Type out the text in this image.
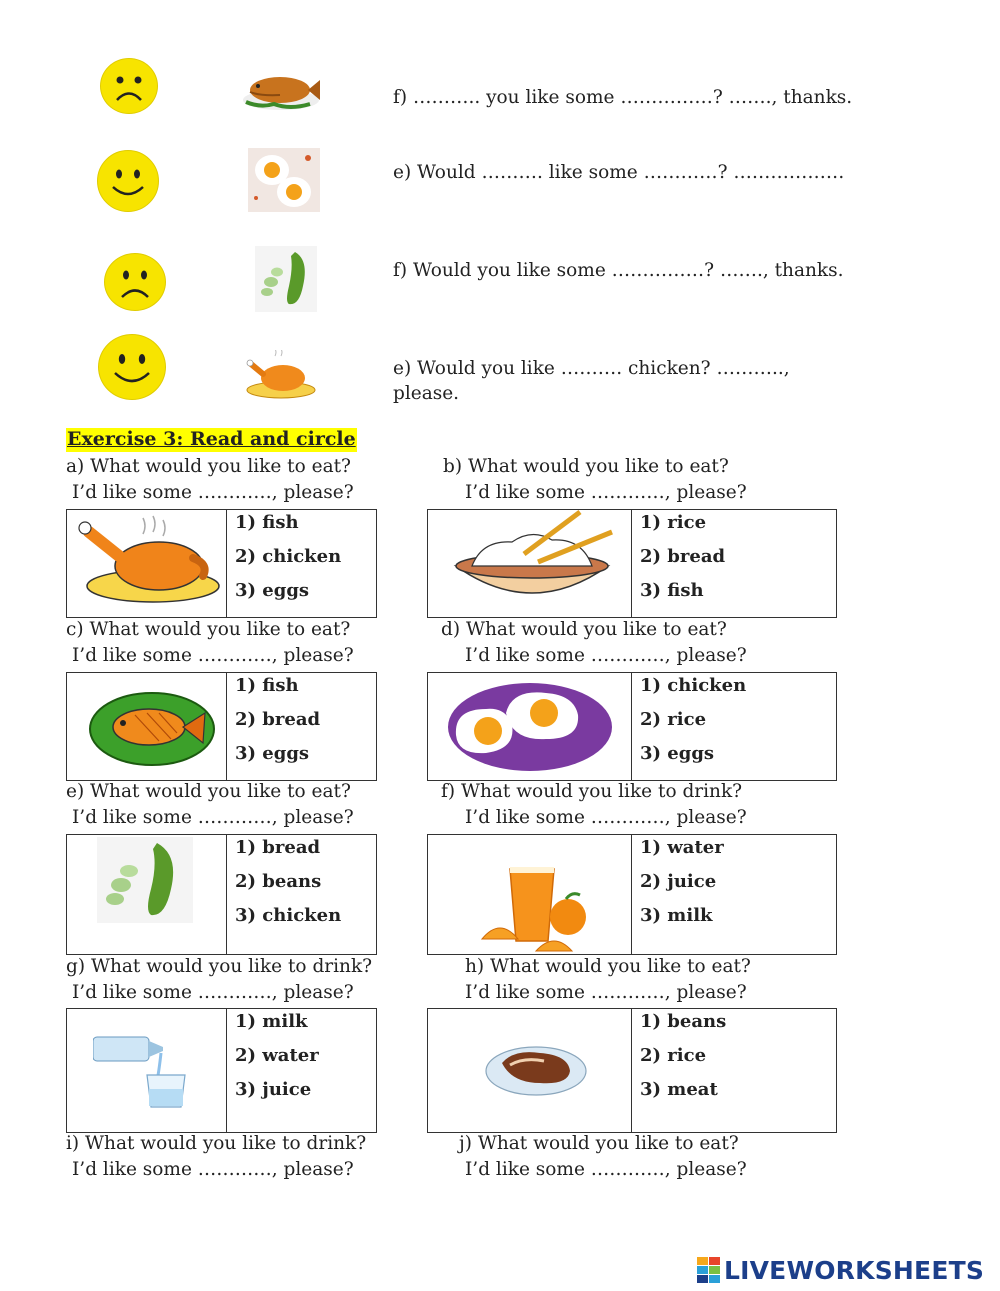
f) ……….. you like some ……………? ……., thanks.
e) Would ………. like some …………? ………………
f) Would you like some ……………? ……., thanks.
e) Would you like ………. chicken? ………..,
please.
Exercise 3: Read and circle
a) What would you like to eat?
I’d like some …………, please?
b) What would you like to eat?
I’d like some …………, please?
1) fish
2) chicken
3) eggs
1) rice
2) bread
3) fish
c) What would you like to eat?
I’d like some …………, please?
d) What would you like to eat?
I’d like some …………, please?
1) fish
2) bread
3) eggs
1) chicken
2) rice
3) eggs
e) What would you like to eat?
I’d like some …………, please?
f) What would you like to drink?
I’d like some …………, please?
1) bread
2) beans
3) chicken
1) water
2) juice
3) milk
g) What would you like to drink?
I’d like some …………, please?
h) What would you like to eat?
I’d like some …………, please?
1) milk
2) water
3) juice
1) beans
2) rice
3) meat
i) What would you like to drink?
I’d like some …………, please?
j) What would you like to eat?
I’d like some …………, please?
LIVEWORKSHEETS
